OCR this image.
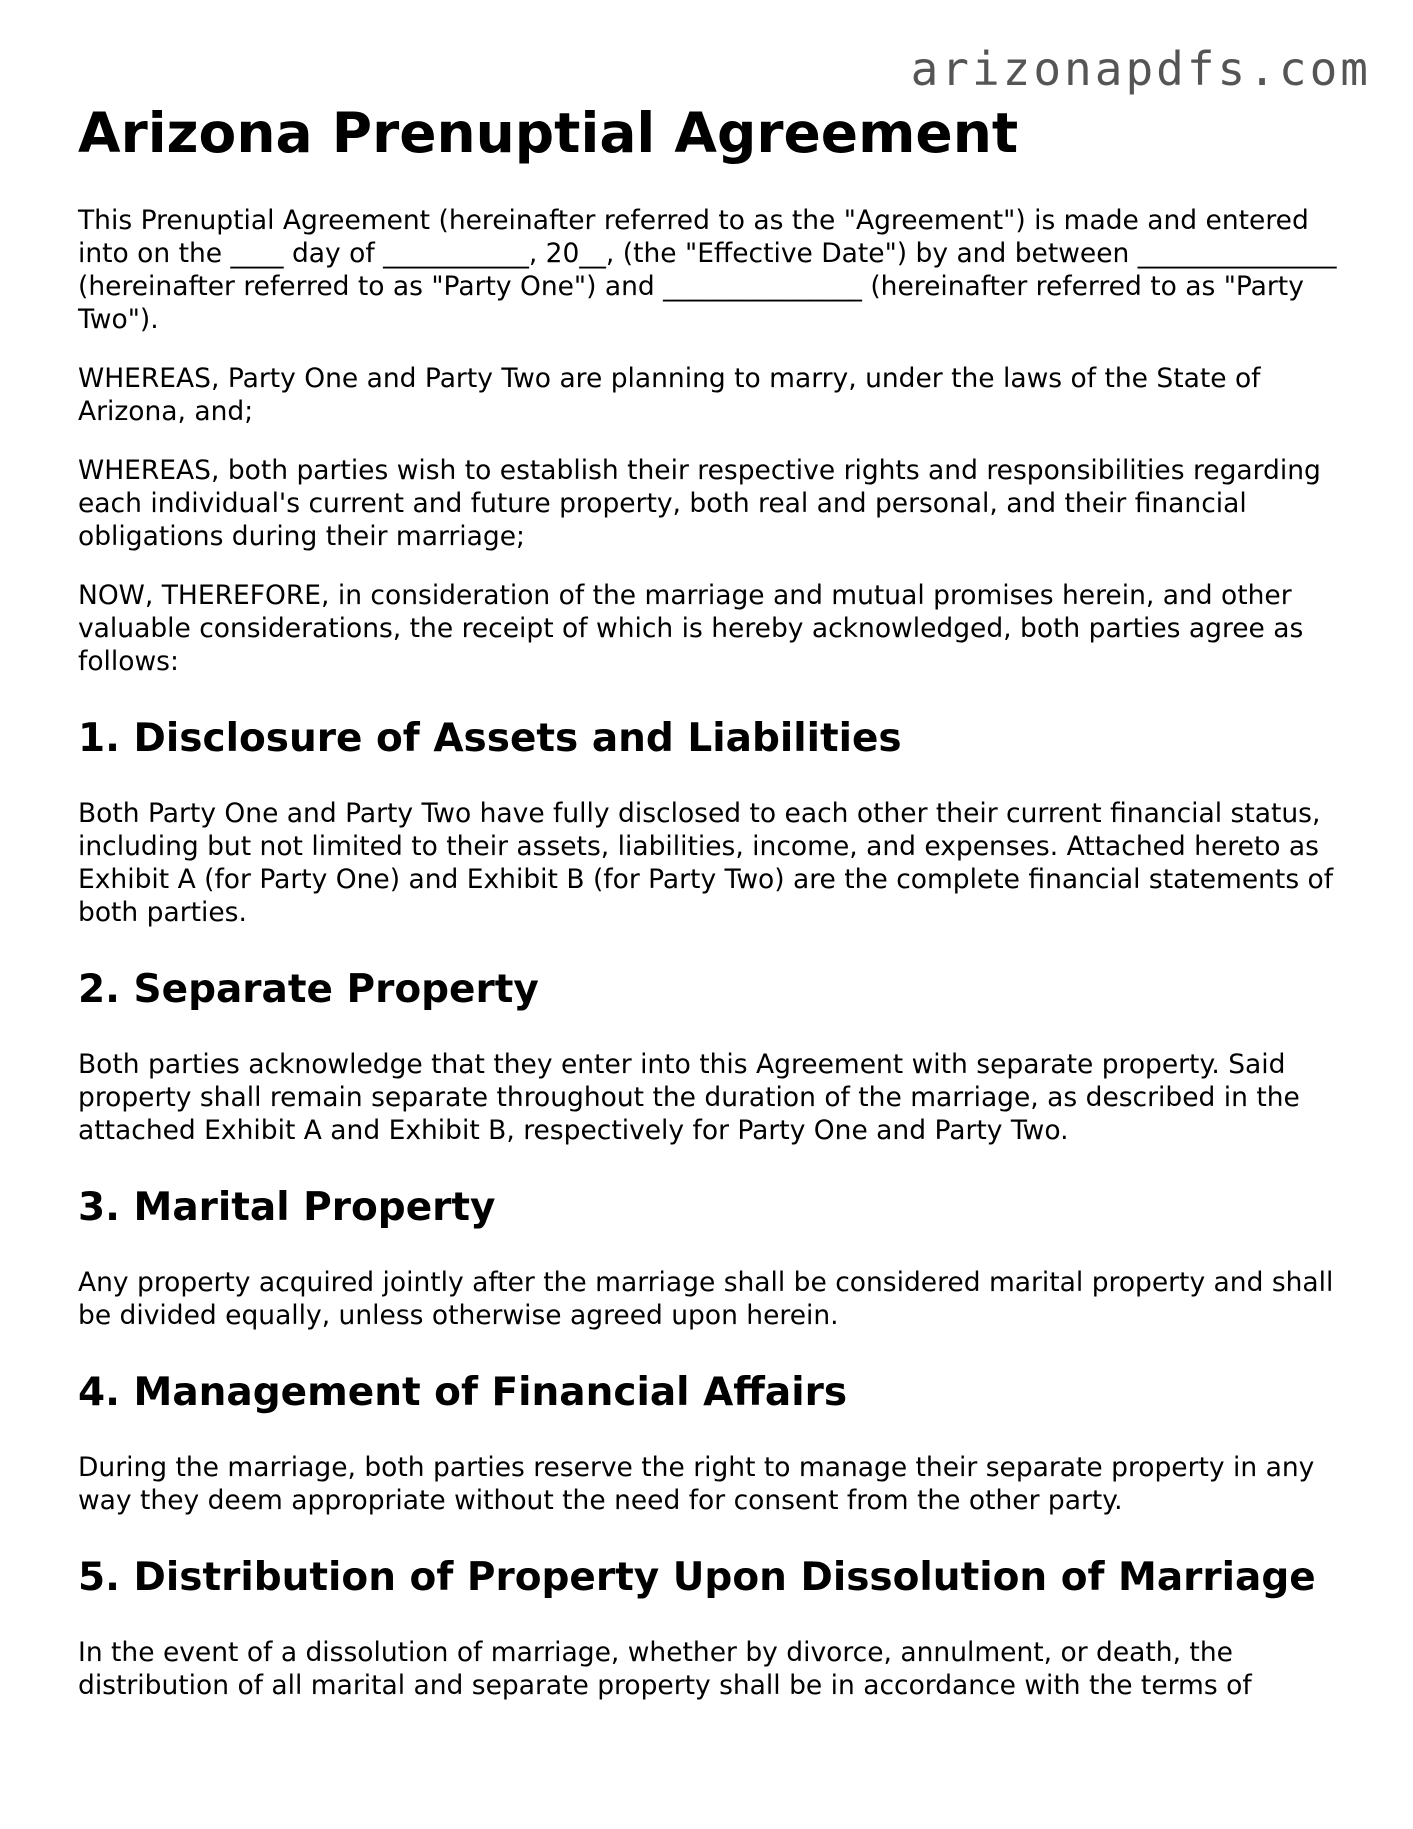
arizonapdfs.com
Arizona Prenuptial Agreement

This Prenuptial Agreement (hereinafter referred to as the "Agreement") is made and entered into on the ____ day of ___________, 20__, (the "Effective Date") by and between _______________ (hereinafter referred to as "Party One") and _______________ (hereinafter referred to as "Party Two").

WHEREAS, Party One and Party Two are planning to marry, under the laws of the State of Arizona, and;

WHEREAS, both parties wish to establish their respective rights and responsibilities regarding each individual's current and future property, both real and personal, and their financial obligations during their marriage;

NOW, THEREFORE, in consideration of the marriage and mutual promises herein, and other valuable considerations, the receipt of which is hereby acknowledged, both parties agree as follows:

1. Disclosure of Assets and Liabilities

Both Party One and Party Two have fully disclosed to each other their current financial status, including but not limited to their assets, liabilities, income, and expenses. Attached hereto as Exhibit A (for Party One) and Exhibit B (for Party Two) are the complete financial statements of both parties.

2. Separate Property

Both parties acknowledge that they enter into this Agreement with separate property. Said property shall remain separate throughout the duration of the marriage, as described in the attached Exhibit A and Exhibit B, respectively for Party One and Party Two.

3. Marital Property

Any property acquired jointly after the marriage shall be considered marital property and shall be divided equally, unless otherwise agreed upon herein.

4. Management of Financial Affairs

During the marriage, both parties reserve the right to manage their separate property in any way they deem appropriate without the need for consent from the other party.

5. Distribution of Property Upon Dissolution of Marriage

In the event of a dissolution of marriage, whether by divorce, annulment, or death, the distribution of all marital and separate property shall be in accordance with the terms of
